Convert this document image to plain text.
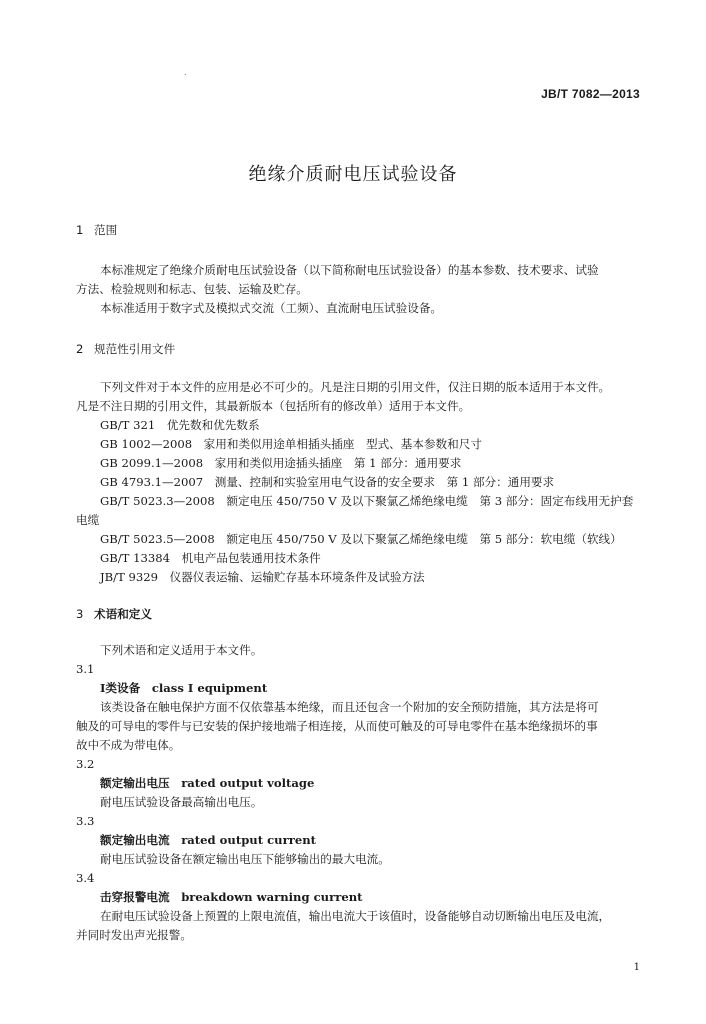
.
JB/T 7082—2013
绝缘介质耐电压试验设备
1 范围
本标准规定了绝缘介质耐电压试验设备（以下简称耐电压试验设备）的基本参数、技术要求、试验
方法、检验规则和标志、包装、运输及贮存。
本标准适用于数字式及模拟式交流（工频）、直流耐电压试验设备。
2 规范性引用文件
下列文件对于本文件的应用是必不可少的。凡是注日期的引用文件，仅注日期的版本适用于本文件。
凡是不注日期的引用文件，其最新版本（包括所有的修改单）适用于本文件。
GB/T 321　优先数和优先数系
GB 1002—2008　家用和类似用途单相插头插座　型式、基本参数和尺寸
GB 2099.1—2008　家用和类似用途插头插座　第 1 部分：通用要求
GB 4793.1—2007　测量、控制和实验室用电气设备的安全要求　第 1 部分：通用要求
GB/T 5023.3—2008　额定电压 450/750 V 及以下聚氯乙烯绝缘电缆　第 3 部分：固定布线用无护套
电缆
GB/T 5023.5—2008　额定电压 450/750 V 及以下聚氯乙烯绝缘电缆　第 5 部分：软电缆（软线）
GB/T 13384　机电产品包装通用技术条件
JB/T 9329　仪器仪表运输、运输贮存基本环境条件及试验方法
3 术语和定义
下列术语和定义适用于本文件。
3.1
Ⅰ类设备　 class Ⅰ equipment
该类设备在触电保护方面不仅依靠基本绝缘，而且还包含一个附加的安全预防措施，其方法是将可
触及的可导电的零件与已安装的保护接地端子相连接，从而使可触及的可导电零件在基本绝缘损坏的事
故中不成为带电体。
3.2
额定输出电压　 rated output voltage
耐电压试验设备最高输出电压。
3.3
额定输出电流　 rated output current
耐电压试验设备在额定输出电压下能够输出的最大电流。
3.4
击穿报警电流　 breakdown warning current
在耐电压试验设备上预置的上限电流值，输出电流大于该值时，设备能够自动切断输出电压及电流，
并同时发出声光报警。
1
